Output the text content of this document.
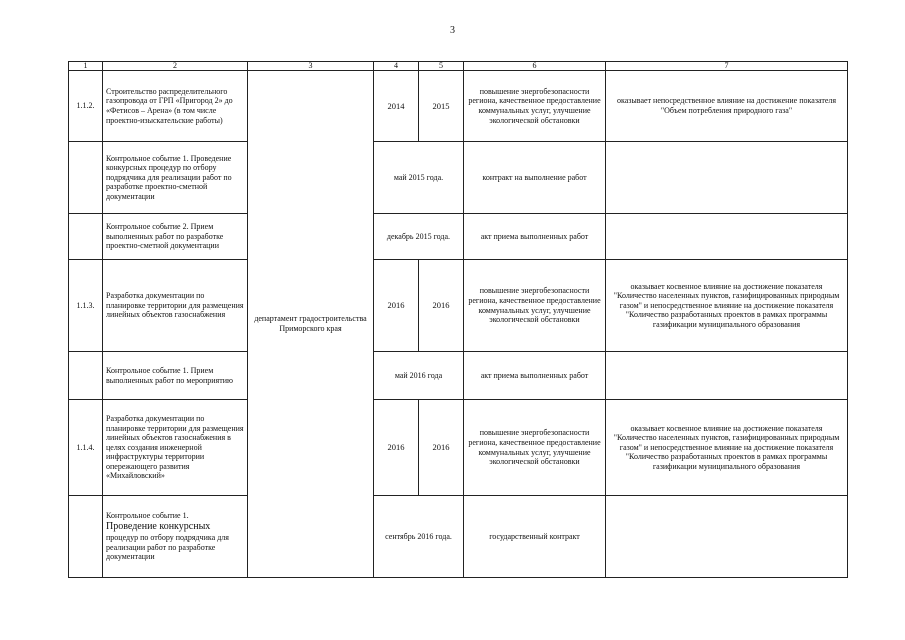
3
1	2	3	4	5	6	7
1.1.2.	Строительство распределительного газопровода от ГРП «Пригород 2» до «Фетисов – Арена» (в том числе проектно-изыскательские работы)	департамент градостроительства Приморского края	2014	2015	повышение энергобезопасности региона, качественное предоставление коммунальных услуг, улучшение экологической обстановки	оказывает непосредственное влияние на достижение показателя "Объем потребления природного газа"
	Контрольное событие 1. Проведение конкурсных процедур по отбору подрядчика для реализации работ по разработке проектно-сметной документации		май 2015 года.		контракт на выполнение работ	
	Контрольное событие 2. Прием выполненных работ по разработке проектно-сметной документации		декабрь 2015 года.		акт приема выполненных работ	
1.1.3.	Разработка документации по планировке территории для размещения линейных объектов газоснабжения		2016	2016	повышение энергобезопасности региона, качественное предоставление коммунальных услуг, улучшение экологической обстановки	оказывает косвенное влияние на достижение показателя "Количество населенных пунктов, газифицированных природным газом" и непосредственное влияние на достижение показателя "Количество разработанных проектов в рамках программы газификации муниципального образования
	Контрольное событие 1. Прием выполненных работ по мероприятию		май 2016 года		акт приема выполненных работ	
1.1.4.	Разработка документации по планировке территории для размещения линейных объектов газоснабжения в целях создания инженерной инфраструктуры территории опережающего развития «Михайловский»		2016	2016	повышение энергобезопасности региона, качественное предоставление коммунальных услуг, улучшение экологической обстановки	оказывает косвенное влияние на достижение показателя "Количество населенных пунктов, газифицированных природным газом" и непосредственное влияние на достижение показателя "Количество разработанных проектов в рамках программы газификации муниципального образования
	Контрольное событие 1.
Проведение конкурсных
процедур по отбору подрядчика для реализации работ по разработке документации		сентябрь 2016 года.		государственный контракт	
